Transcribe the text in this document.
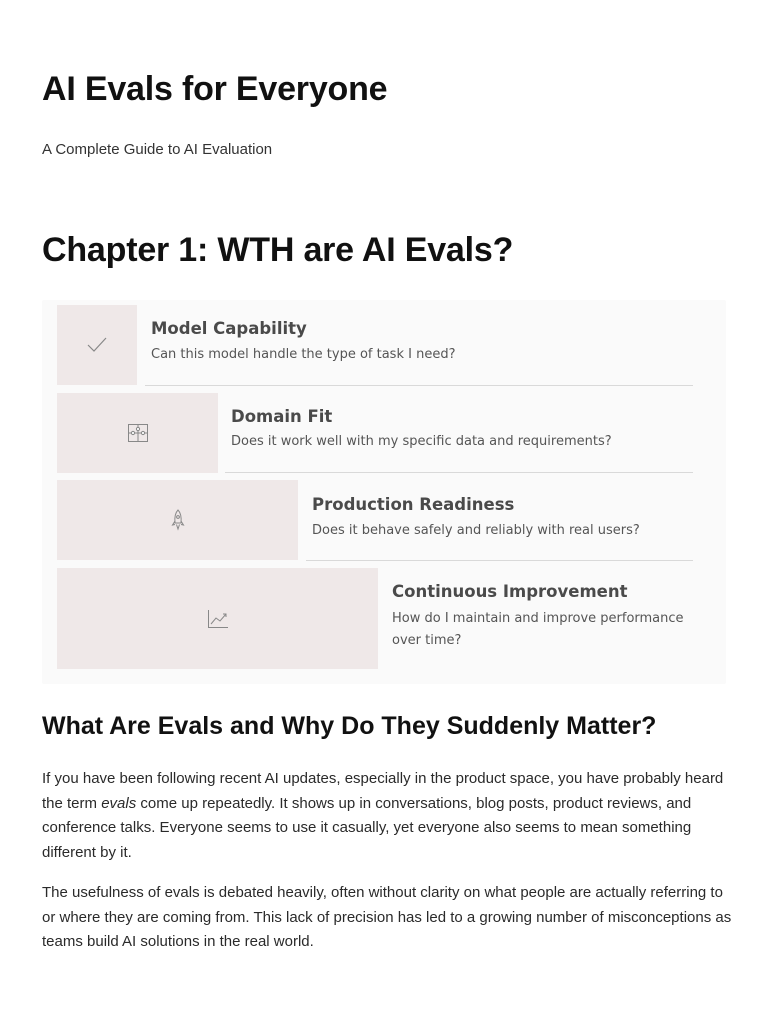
AI Evals for Everyone

A Complete Guide to AI Evaluation

Chapter 1: WTH are AI Evals?

Model Capability

Can this model handle the type of task I need?

Domain Fit

Does it work well with my specific data and requirements?

Production Readiness

Does it behave safely and reliably with real users?

Continuous Improvement

How do I maintain and improve performance over time?

What Are Evals and Why Do They Suddenly Matter?

If you have been following recent AI updates, especially in the product space, you have probably heard the term evals come up repeatedly. It shows up in conversations, blog posts, product reviews, and conference talks. Everyone seems to use it casually, yet everyone also seems to mean something different by it.

The usefulness of evals is debated heavily, often without clarity on what people are actually referring to or where they are coming from. This lack of precision has led to a growing number of misconceptions as teams build AI solutions in the real world.
